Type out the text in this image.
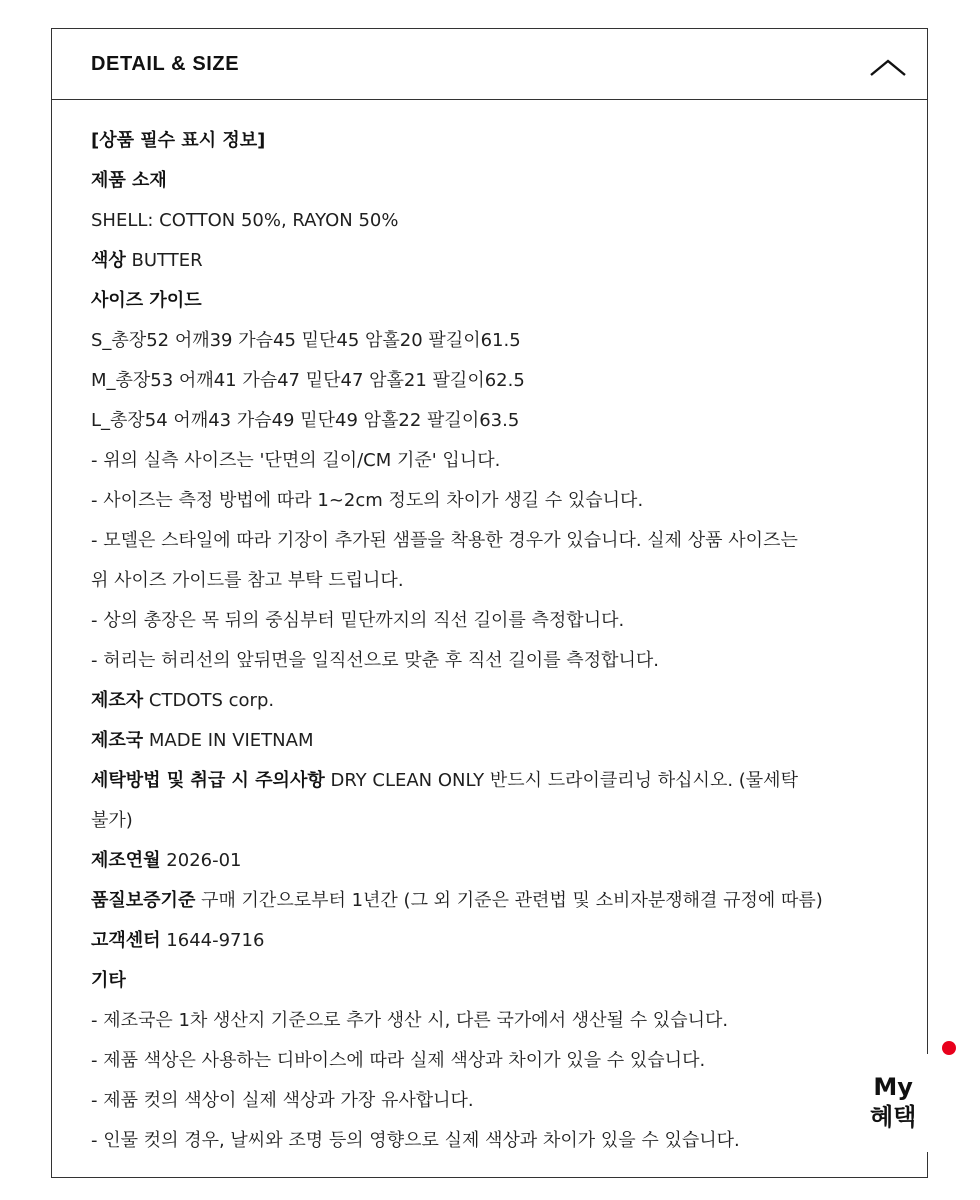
DETAIL & SIZE
[상품 필수 표시 정보]
제품 소재
SHELL: COTTON 50%, RAYON 50%
색상 BUTTER
사이즈 가이드
S_총장52 어깨39 가슴45 밑단45 암홀20 팔길이61.5
M_총장53 어깨41 가슴47 밑단47 암홀21 팔길이62.5
L_총장54 어깨43 가슴49 밑단49 암홀22 팔길이63.5
- 위의 실측 사이즈는 '단면의 길이/CM 기준' 입니다.
- 사이즈는 측정 방법에 따라 1~2cm 정도의 차이가 생길 수 있습니다.
- 모델은 스타일에 따라 기장이 추가된 샘플을 착용한 경우가 있습니다. 실제 상품 사이즈는
위 사이즈 가이드를 참고 부탁 드립니다.
- 상의 총장은 목 뒤의 중심부터 밑단까지의 직선 길이를 측정합니다.
- 허리는 허리선의 앞뒤면을 일직선으로 맞춘 후 직선 길이를 측정합니다.
제조자 CTDOTS corp.
제조국 MADE IN VIETNAM
세탁방법 및 취급 시 주의사항 DRY CLEAN ONLY 반드시 드라이클리닝 하십시오. (물세탁
불가)
제조연월 2026-01
품질보증기준 구매 기간으로부터 1년간 (그 외 기준은 관련법 및 소비자분쟁해결 규정에 따름)
고객센터 1644-9716
기타
- 제조국은 1차 생산지 기준으로 추가 생산 시, 다른 국가에서 생산될 수 있습니다.
- 제품 색상은 사용하는 디바이스에 따라 실제 색상과 차이가 있을 수 있습니다.
- 제품 컷의 색상이 실제 색상과 가장 유사합니다.
- 인물 컷의 경우, 날씨와 조명 등의 영향으로 실제 색상과 차이가 있을 수 있습니다.
My
혜택
